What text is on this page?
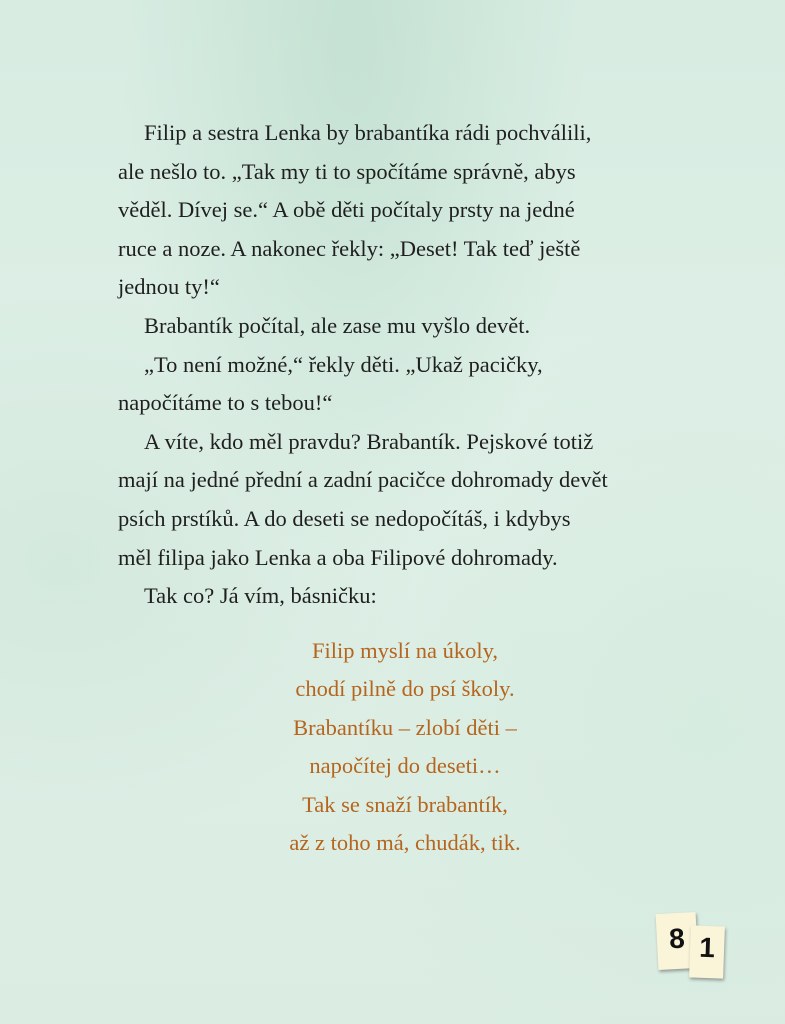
Filip a sestra Lenka by brabantíka rádi pochválili,
ale nešlo to. „Tak my ti to spočítáme správně, abys
věděl. Dívej se.“ A obě děti počítaly prsty na jedné
ruce a noze. A nakonec řekly: „Deset! Tak teď ještě
jednou ty!“

Brabantík počítal, ale zase mu vyšlo devět.

„To není možné,“ řekly děti. „Ukaž pacičky,
napočítáme to s tebou!“

A víte, kdo měl pravdu? Brabantík. Pejskové totiž
mají na jedné přední a zadní pacičce dohromady devět
psích prstíků. A do deseti se nedopočítáš, i kdybys
měl filipa jako Lenka a oba Filipové dohromady.

Tak co? Já vím, básničku:

Filip myslí na úkoly,
chodí pilně do psí školy.
Brabantíku – zlobí děti –
napočítej do deseti…
Tak se snaží brabantík,
až z toho má, chudák, tik.
8 1
